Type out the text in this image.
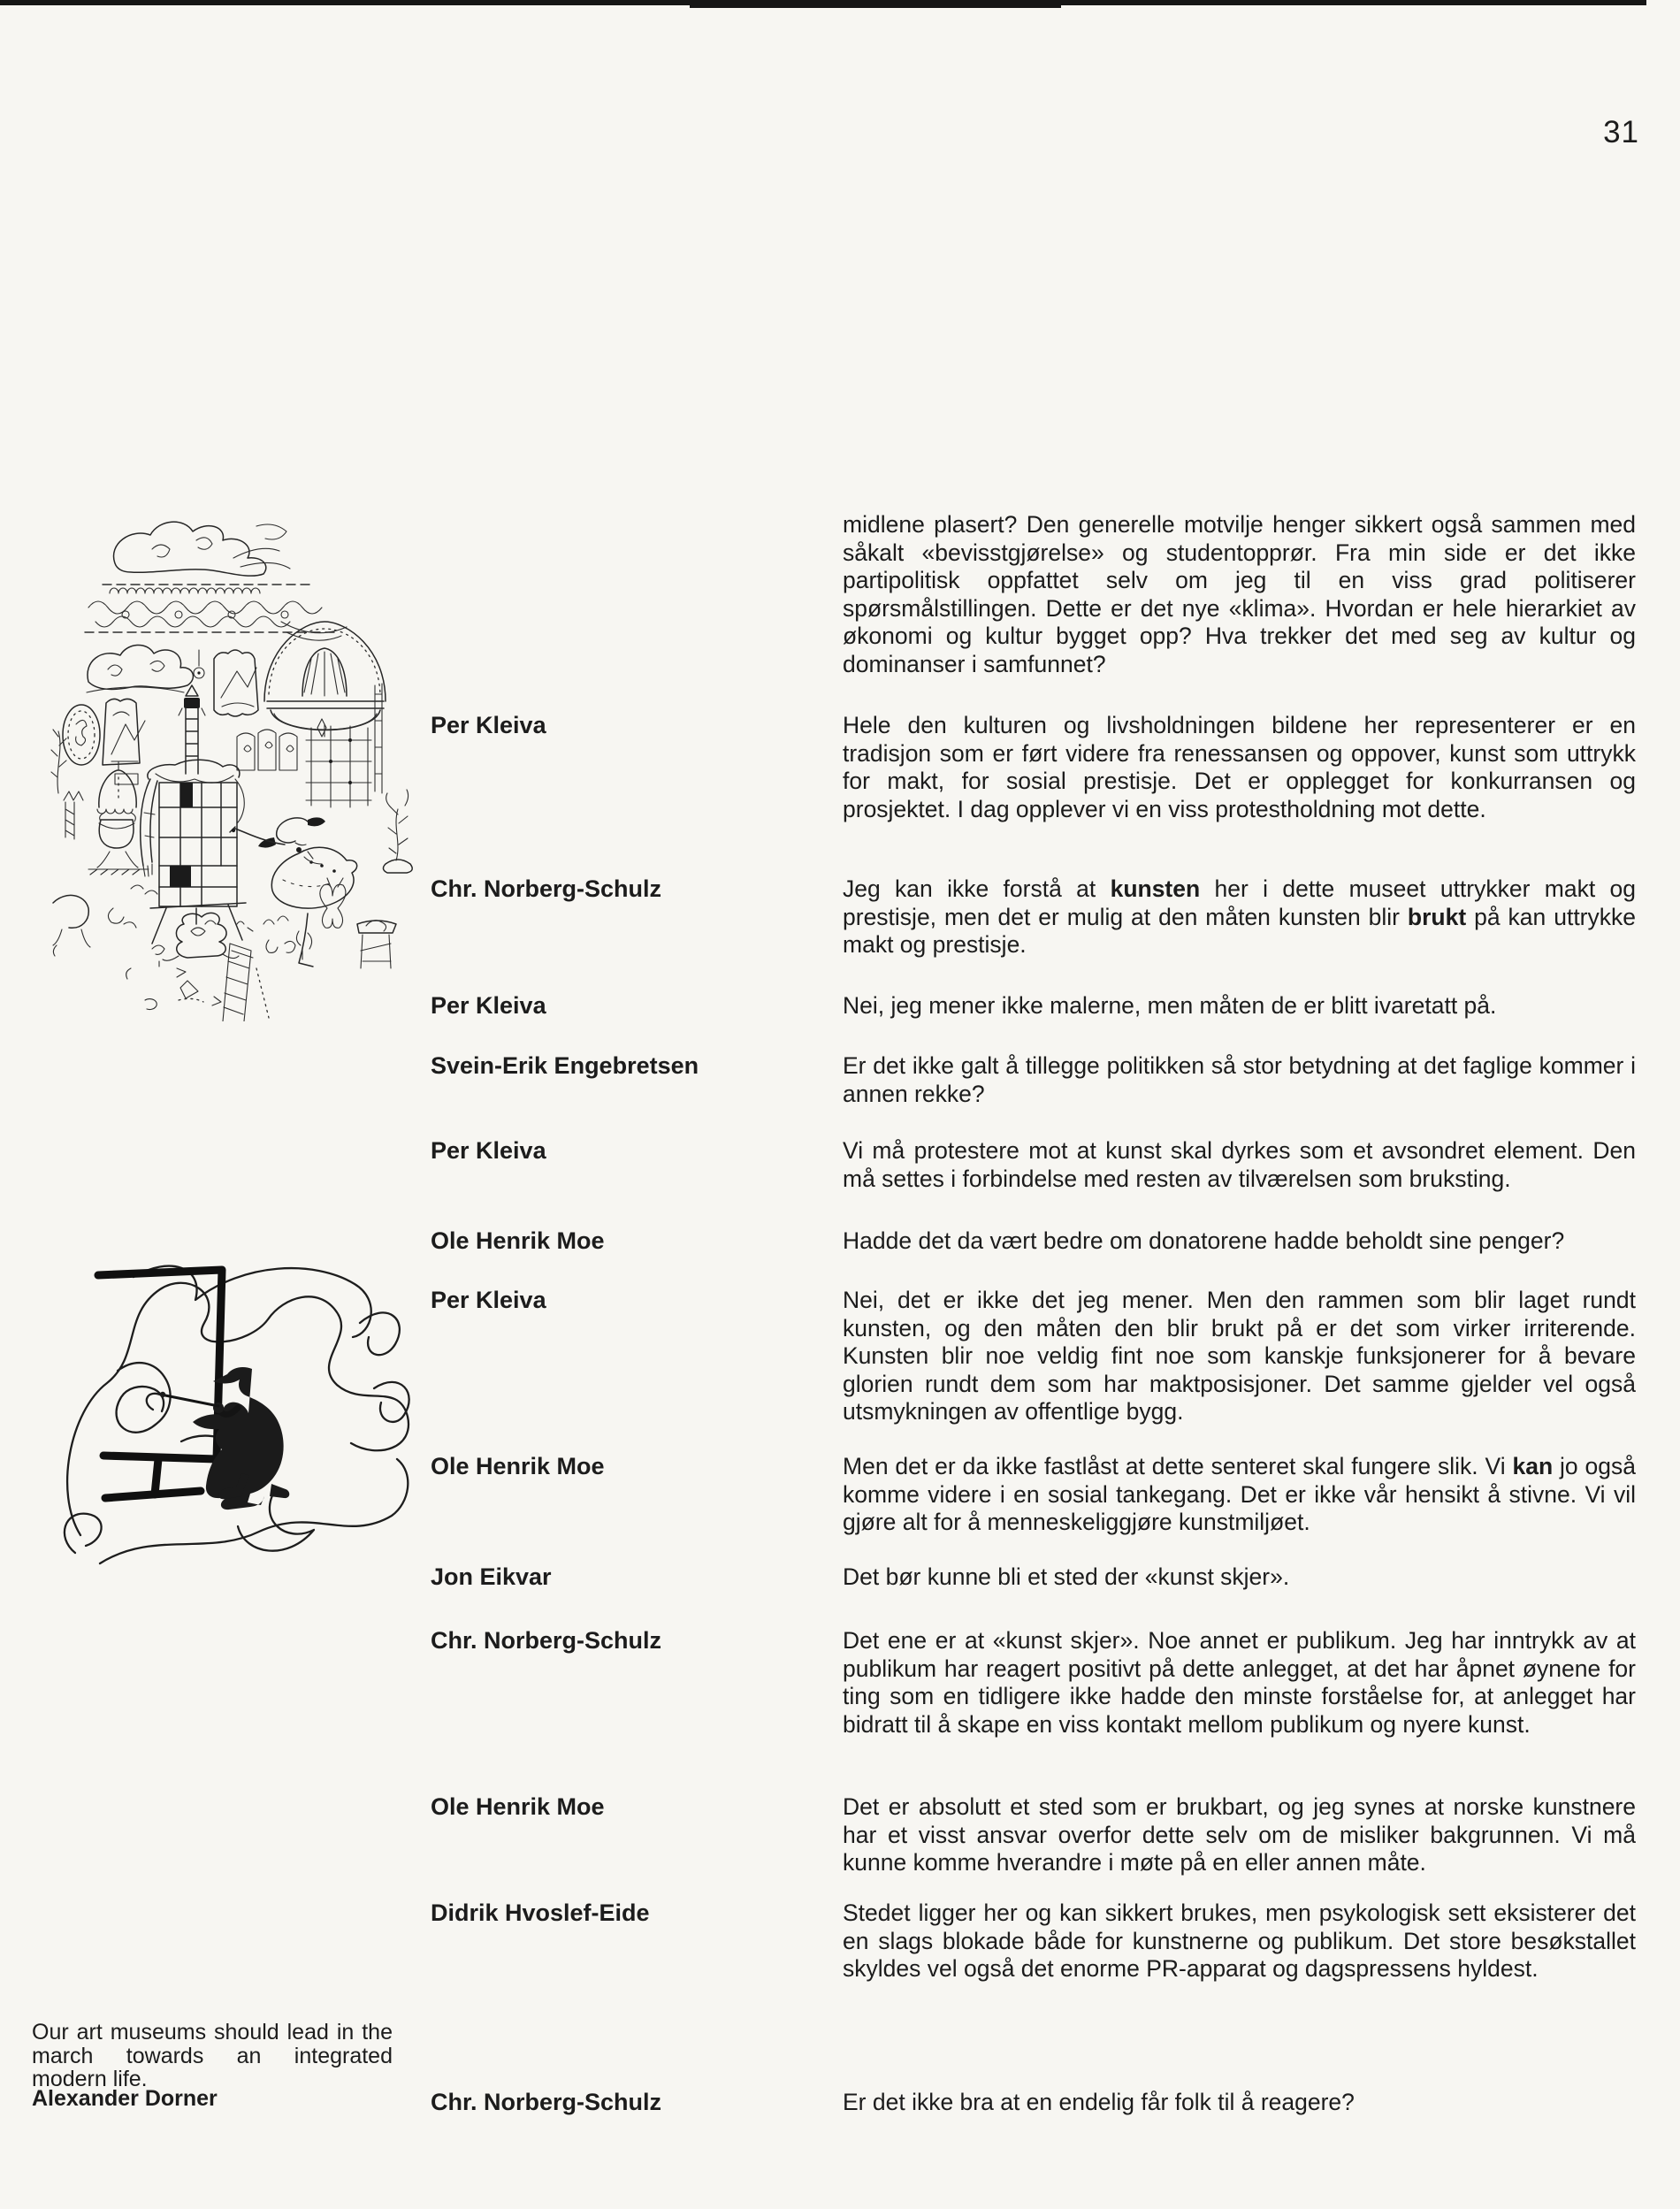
31
midlene plasert? Den generelle motvilje henger sikkert også sammen med såkalt «bevisstgjørelse» og studentopprør. Fra min side er det ikke partipolitisk oppfattet selv om jeg til en viss grad politiserer spørsmålstillingen. Dette er det nye «klima». Hvordan er hele hierarkiet av økonomi og kultur bygget opp? Hva trekker det med seg av kultur og dominanser i samfunnet?
Per Kleiva	Hele den kulturen og livsholdningen bildene her representerer er en tradisjon som er ført videre fra renessansen og oppover, kunst som uttrykk for makt, for sosial prestisje. Det er opplegget for konkurransen og prosjektet. I dag opplever vi en viss protestholdning mot dette.
Chr. Norberg-Schulz	Jeg kan ikke forstå at kunsten her i dette museet uttrykker makt og prestisje, men det er mulig at den måten kunsten blir brukt på kan uttrykke makt og prestisje.
Per Kleiva	Nei, jeg mener ikke malerne, men måten de er blitt ivaretatt på.
Svein-Erik Engebretsen	Er det ikke galt å tillegge politikken så stor betydning at det faglige kommer i annen rekke?
Per Kleiva	Vi må protestere mot at kunst skal dyrkes som et avsondret element. Den må settes i forbindelse med resten av tilværelsen som bruksting.
Ole Henrik Moe	Hadde det da vært bedre om donatorene hadde beholdt sine penger?
Per Kleiva	Nei, det er ikke det jeg mener. Men den rammen som blir laget rundt kunsten, og den måten den blir brukt på er det som virker irriterende. Kunsten blir noe veldig fint noe som kanskje funksjonerer for å bevare glorien rundt dem som har maktposisjoner. Det samme gjelder vel også utsmykningen av offentlige bygg.
Ole Henrik Moe	Men det er da ikke fastlåst at dette senteret skal fungere slik. Vi kan jo også komme videre i en sosial tankegang. Det er ikke vår hensikt å stivne. Vi vil gjøre alt for å menneskeliggjøre kunstmiljøet.
Jon Eikvar	Det bør kunne bli et sted der «kunst skjer».
Chr. Norberg-Schulz	Det ene er at «kunst skjer». Noe annet er publikum. Jeg har inntrykk av at publikum har reagert positivt på dette anlegget, at det har åpnet øynene for ting som en tidligere ikke hadde den minste forståelse for, at anlegget har bidratt til å skape en viss kontakt mellom publikum og nyere kunst.
Ole Henrik Moe	Det er absolutt et sted som er brukbart, og jeg synes at norske kunstnere har et visst ansvar overfor dette selv om de misliker bakgrunnen. Vi må kunne komme hverandre i møte på en eller annen måte.
Didrik Hvoslef-Eide	Stedet ligger her og kan sikkert brukes, men psykologisk sett eksisterer det en slags blokade både for kunstnerne og publikum. Det store besøkstallet skyldes vel også det enorme PR-apparat og dagspressens hyldest.
Chr. Norberg-Schulz	Er det ikke bra at en endelig får folk til å reagere?
Our art museums should lead in the march towards an integrated modern life.
Alexander Dorner
